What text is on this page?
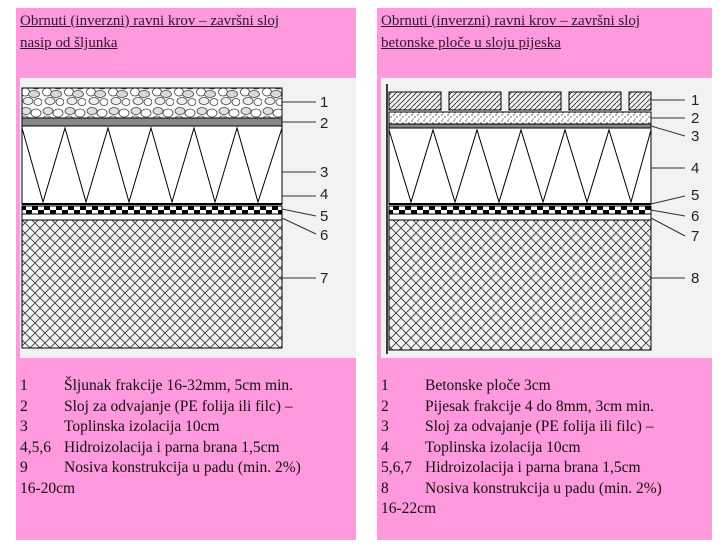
Obrnuti (inverzni) ravni krov – završni sloj
nasip od šljunka
Obrnuti (inverzni) ravni krov – završni sloj
betonske ploče u sloju pijeska
1
2
3
4
5
6
7
1
2
3
4
5
6
7
8
1	Šljunak frakcije 16-32mm, 5cm min.
2	Sloj za odvajanje (PE folija ili filc) –
3	Toplinska izolacija 10cm
4,5,6 Hidroizolacija i parna brana 1,5cm
9	Nosiva konstrukcija u padu (min. 2%)
16-20cm
1	Betonske ploče 3cm
2	Pijesak frakcije 4 do 8mm, 3cm min.
3	Sloj za odvajanje (PE folija ili filc) –
4	Toplinska izolacija 10cm
5,6,7 Hidroizolacija i parna brana 1,5cm
8	Nosiva konstrukcija u padu (min. 2%)
16-22cm
